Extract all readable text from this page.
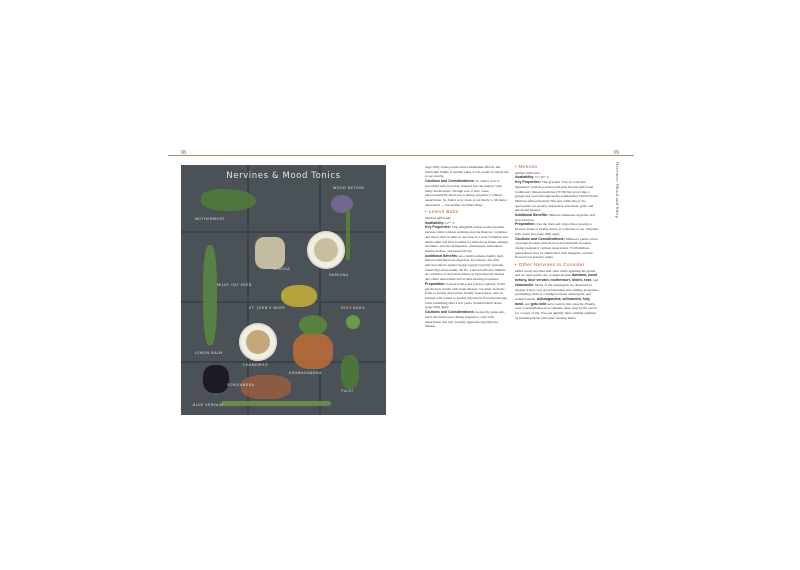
38	39
Nervines: Mood and Sleep
Nervines & Mood Tonics
MOTHERWORT
WOOD BETONY
MIMOSA
DAMIANA
MILKY OAT SEED
ST. JOHN'S WORT	HOLY BASIL
LEMON BALM
CHAMOMILE
ASHWAGANDHA
SCHISANDRA
TULSI
BLUE VERVAIN

page 298). Some people notice immediate effects, but, much like SSRIs, it usually takes 4 to 6 weeks of steady use to see results.

Cautions and Considerations: St. John's wort is incredibly safe; however, internal use can interact with many medications. Though rare, it may cause photosensitivity. Don't use it during pregnancy without supervision. St. John's wort alone is not likely to lift major depression — but neither are SSRI drugs.

• Lemon Balm

Melissa officinalis

Availability: G++ C

Key Properties: This delightful lemon-scented garden nervine calms without sedating and can improve cognition and mood with as little as one dose in 1 hour! Children and adults alike will find it useful for mild mood funks, anxiety, insomnia, nervous indigestion, restlessness, inattention, mental decline, and hyperactivity.

Additional Benefits: As a mild hormone-family herb, lemon balm improves digestion. Its lemony oils offer antiviral effects against herpes (apply topically and take internally) and possibly the flu. Lemon balm also inhibits an overdrive of thyroid hormone in hyperthyroid disease and offers antioxidant and wound-healing properties.

Preparation: Lemon balm loses potency quickly. You'll get the best results with fresh tincture, tea made from the fresh or freshly dried plant, freshly frozen juice, and oil infused with wilted or freshly dried herb. Even the tincture loses something after a few years. Standard herb doses (page 298) apply.

Cautions and Considerations: Generally quite safe, but it should be used during pregnancy only with supervision and may (rarely) aggravate hypothyroid disease.

• Mimosa

Albizia julibrissin

Availability: G+ W+ C

Key Properties: This graceful "tree of collective happiness" with its powder-puff pink blooms hails from traditional Chinese medicine (TCM) but grows like a (gorgeous) weed throughout the southeastern United States. Mimosa almost instantly lifts and calms mood. It's appropriate for anxiety, depression, insomnia, grief, and emotional tension.

Additional Benefits: Mimosa stimulates digestive and liver function.

Preparation: Use the bark and twigs (more potent) or flowers, fresh or freshly dried, as a tincture or tea. Standard herb doses (see page 298) apply.

Cautions and Considerations: Mimosa's gentle active overtakes if taken without food and shouldn't be taken during pregnancy without supervision. TCM mimosa preparations may be adulterated with magnolia, and the flowers lose potency easily.

• Other Nervines to Consider

Other lovely nervines that calm while uplifting the spirits and are appropriate day or night include damiana, wood betony, blue vervain, motherwort, linden, rose, and chamomile. Many of the adaptogens we discussed in chapter 3 have very good balancing and calming properties, positioning them as a bridge between adaptogenic and sedative herbs. Ashwagandha, schisandra, holy basil, and gotu kola serve well in this capacity. Finally, can't overemphasize how valuable these tasty herbs can be for a range of ills. You can amplify their calming qualities by blending them with other relaxing herbs.
